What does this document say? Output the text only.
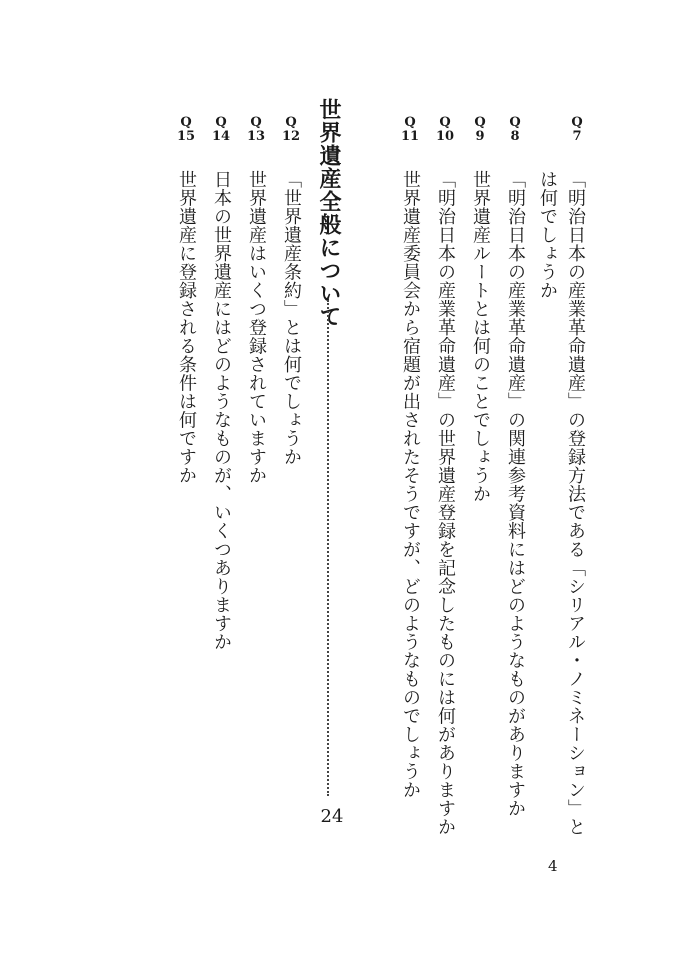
Q
7
「明治日本の産業革命遺産」の登録方法である「シリアル・ノミネーション」と
は何でしょうか
Q
8
「明治日本の産業革命遺産」の関連参考資料にはどのようなものがありますか
Q
9
世界遺産ルートとは何のことでしょうか
Q
10
「明治日本の産業革命遺産」の世界遺産登録を記念したものには何がありますか
Q
11
世界遺産委員会から宿題が出されたそうですが、どのようなものでしょうか
世界遺産全般について
24
Q
12
「世界遺産条約」とは何でしょうか
Q
13
世界遺産はいくつ登録されていますか
Q
14
日本の世界遺産にはどのようなものが、いくつありますか
Q
15
世界遺産に登録される条件は何ですか
4
